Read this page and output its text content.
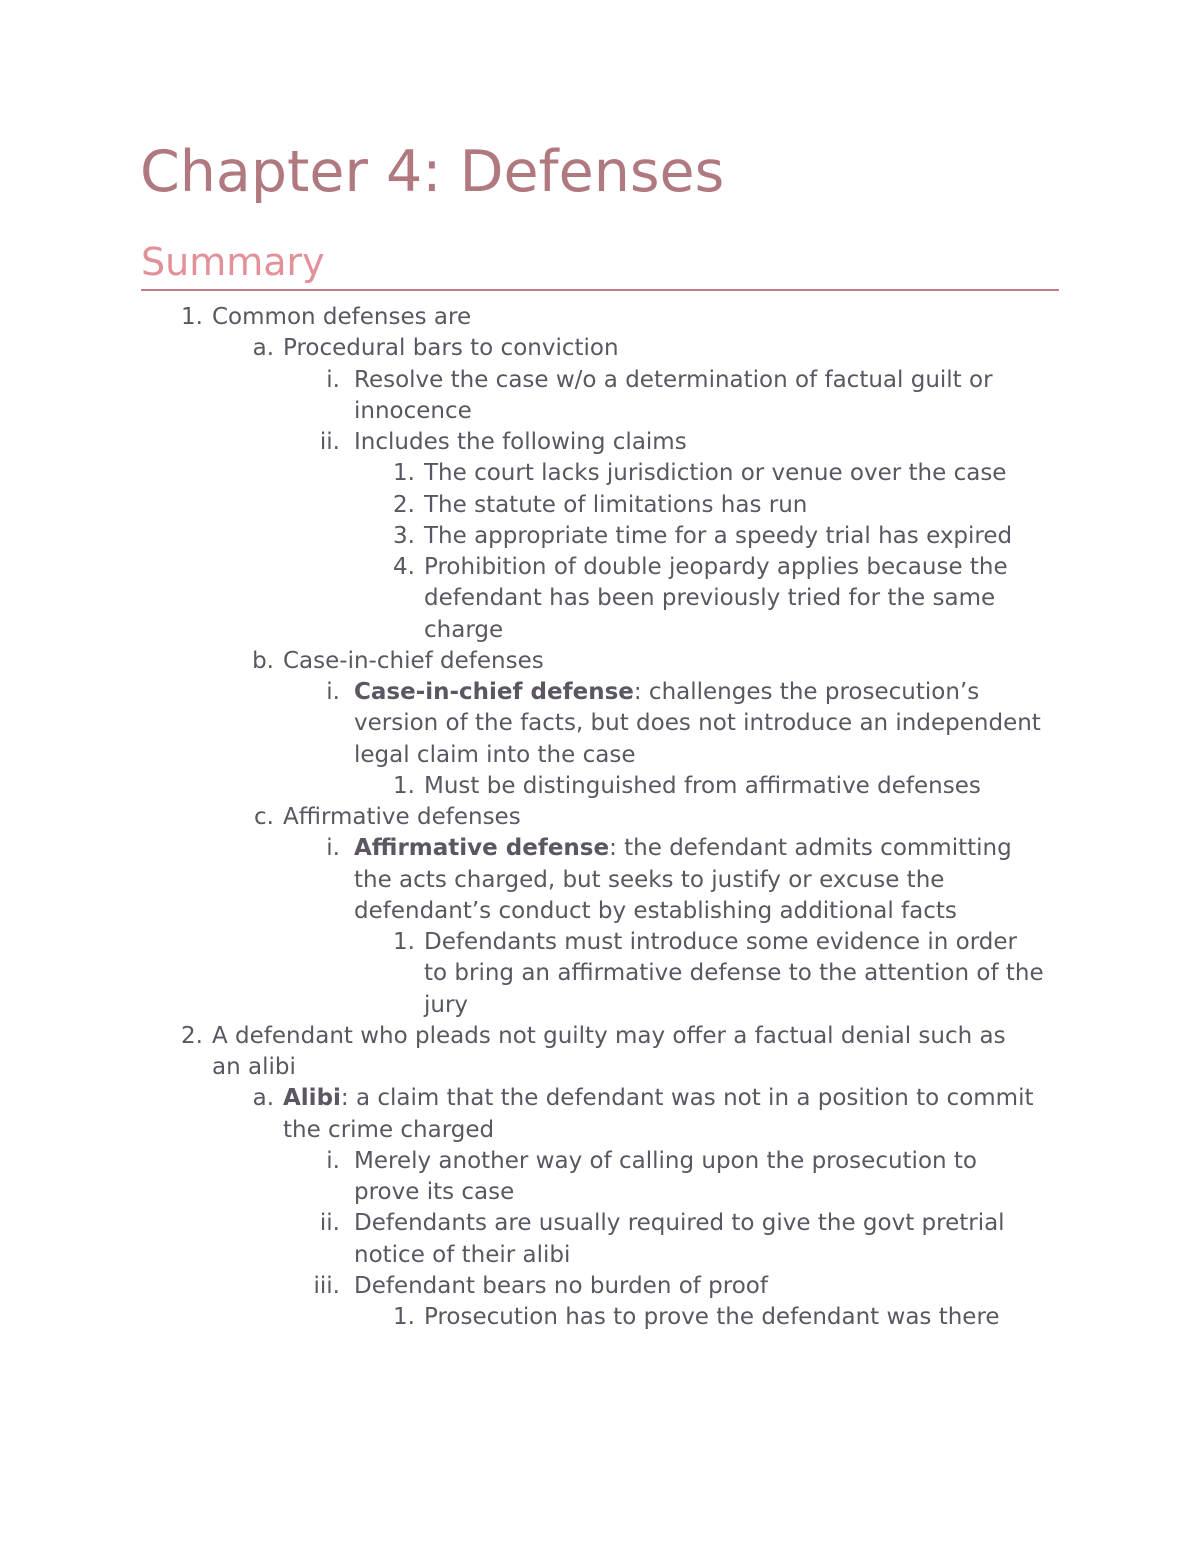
Chapter 4: Defenses
Summary
1. Common defenses are
a. Procedural bars to conviction
i. Resolve the case w/o a determination of factual guilt or
innocence
ii. Includes the following claims
1. The court lacks jurisdiction or venue over the case
2. The statute of limitations has run
3. The appropriate time for a speedy trial has expired
4. Prohibition of double jeopardy applies because the
defendant has been previously tried for the same
charge
b. Case-in-chief defenses
i. Case-in-chief defense: challenges the prosecution’s
version of the facts, but does not introduce an independent
legal claim into the case
1. Must be distinguished from affirmative defenses
c. Affirmative defenses
i. Affirmative defense: the defendant admits committing
the acts charged, but seeks to justify or excuse the
defendant’s conduct by establishing additional facts
1. Defendants must introduce some evidence in order
to bring an affirmative defense to the attention of the
jury
2. A defendant who pleads not guilty may offer a factual denial such as
an alibi
a. Alibi: a claim that the defendant was not in a position to commit
the crime charged
i. Merely another way of calling upon the prosecution to
prove its case
ii. Defendants are usually required to give the govt pretrial
notice of their alibi
iii. Defendant bears no burden of proof
1. Prosecution has to prove the defendant was there
